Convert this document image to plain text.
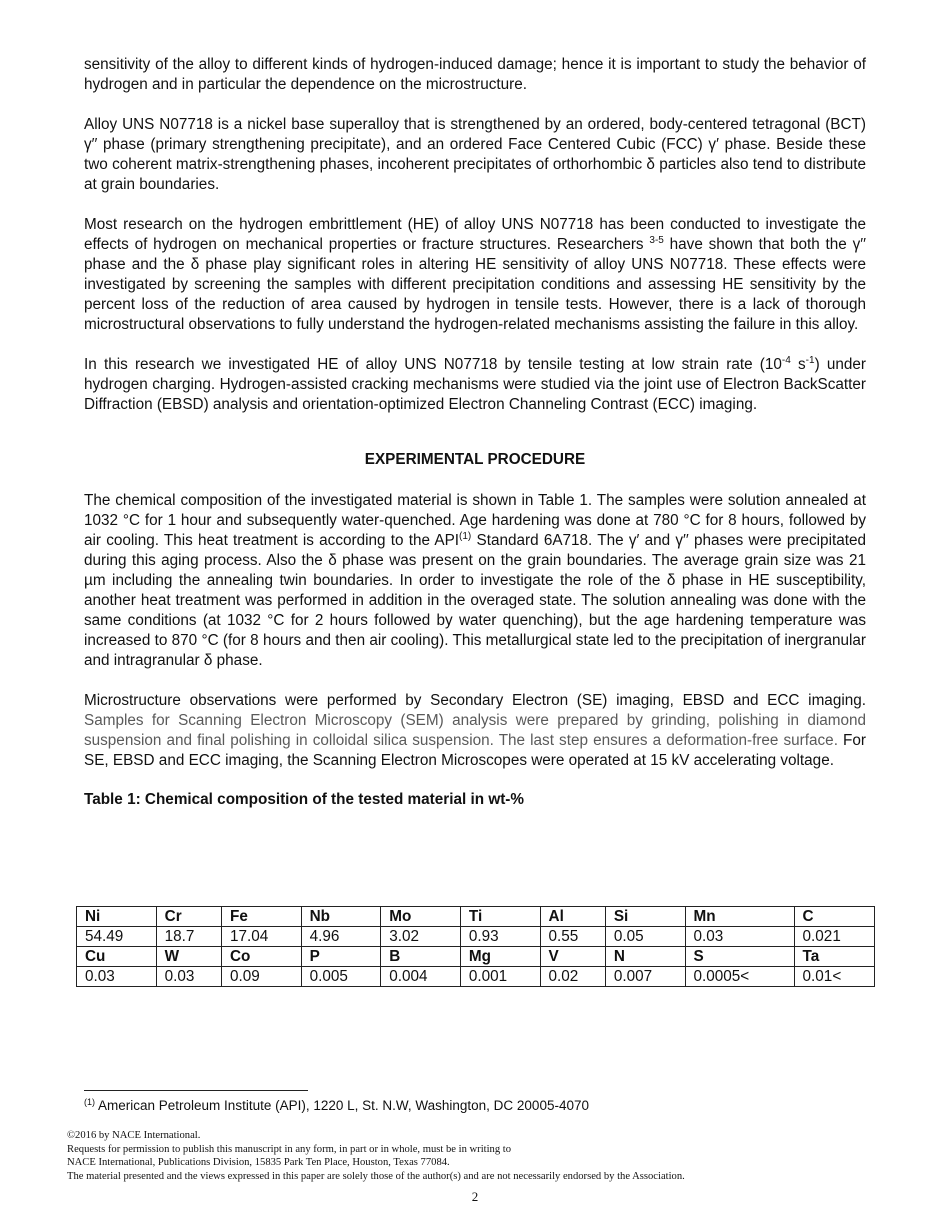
sensitivity of the alloy to different kinds of hydrogen-induced damage; hence it is important to study the behavior of hydrogen and in particular the dependence on the microstructure.

Alloy UNS N07718 is a nickel base superalloy that is strengthened by an ordered, body-centered tetragonal (BCT) γ′′ phase (primary strengthening precipitate), and an ordered Face Centered Cubic (FCC) γ′ phase. Beside these two coherent matrix-strengthening phases, incoherent precipitates of orthorhombic δ particles also tend to distribute at grain boundaries.

Most research on the hydrogen embrittlement (HE) of alloy UNS N07718 has been conducted to investigate the effects of hydrogen on mechanical properties or fracture structures. Researchers $^{3-5}$ have shown that both the γ′′ phase and the δ phase play significant roles in altering HE sensitivity of alloy UNS N07718. These effects were investigated by screening the samples with different precipitation conditions and assessing HE sensitivity by the percent loss of the reduction of area caused by hydrogen in tensile tests. However, there is a lack of thorough microstructural observations to fully understand the hydrogen-related mechanisms assisting the failure in this alloy.

In this research we investigated HE of alloy UNS N07718 by tensile testing at low strain rate ($10^{-4}$ $s^{-1}$) under hydrogen charging. Hydrogen-assisted cracking mechanisms were studied via the joint use of Electron BackScatter Diffraction (EBSD) analysis and orientation-optimized Electron Channeling Contrast (ECC) imaging.

EXPERIMENTAL PROCEDURE

The chemical composition of the investigated material is shown in Table 1. The samples were solution annealed at 1032 °C for 1 hour and subsequently water-quenched. Age hardening was done at 780 °C for 8 hours, followed by air cooling. This heat treatment is according to the API$^{(1)}$ Standard 6A718. The γ′ and γ′′ phases were precipitated during this aging process. Also the δ phase was present on the grain boundaries. The average grain size was 21 µm including the annealing twin boundaries. In order to investigate the role of the δ phase in HE susceptibility, another heat treatment was performed in addition in the overaged state. The solution annealing was done with the same conditions (at 1032 °C for 2 hours followed by water quenching), but the age hardening temperature was increased to 870 °C (for 8 hours and then air cooling). This metallurgical state led to the precipitation of inergranular and intragranular δ phase.

Microstructure observations were performed by Secondary Electron (SE) imaging, EBSD and ECC imaging. Samples for Scanning Electron Microscopy (SEM) analysis were prepared by grinding, polishing in diamond suspension and final polishing in colloidal silica suspension. The last step ensures a deformation-free surface. For SE, EBSD and ECC imaging, the Scanning Electron Microscopes were operated at 15 kV accelerating voltage.

Table 1: Chemical composition of the tested material in wt-%
Ni	Cr	Fe	Nb	Mo	Ti	Al	Si	Mn	C
54.49	18.7	17.04	4.96	3.02	0.93	0.55	0.05	0.03	0.021
Cu	W	Co	P	B	Mg	V	N	S	Ta
0.03	0.03	0.09	0.005	0.004	0.001	0.02	0.007	0.0005<	0.01<
$^{(1)}$ American Petroleum Institute (API), 1220 L, St. N.W, Washington, DC 20005-4070
©2016 by NACE International.
Requests for permission to publish this manuscript in any form, in part or in whole, must be in writing to
NACE International, Publications Division, 15835 Park Ten Place, Houston, Texas 77084.
The material presented and the views expressed in this paper are solely those of the author(s) and are not necessarily endorsed by the Association.
2
